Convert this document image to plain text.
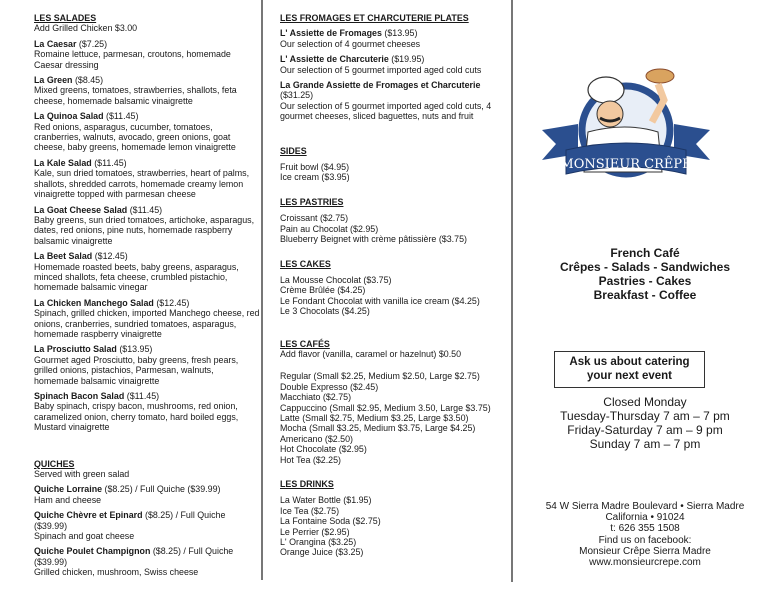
LES SALADES
Add Grilled Chicken $3.00
La Caesar ($7.25)
Romaine lettuce, parmesan, croutons, homemade Caesar dressing
La Green ($8.45)
Mixed greens, tomatoes, strawberries, shallots, feta cheese, homemade balsamic vinaigrette
La Quinoa Salad ($11.45)
Red onions, asparagus, cucumber, tomatoes, cranberries, walnuts, avocado, green onions, goat cheese, baby greens, homemade lemon vinaigrette
La Kale Salad ($11.45)
Kale, sun dried tomatoes, strawberries, heart of palms, shallots, shredded carrots, homemade creamy lemon vinaigrette topped with parmesan cheese
La Goat Cheese Salad ($11.45)
Baby greens, sun dried tomatoes, artichoke, asparagus, dates, red onions, pine nuts, homemade raspberry balsamic vinaigrette
La Beet Salad ($12.45)
Homemade roasted beets, baby greens, asparagus, minced shallots, feta cheese, crumbled pistachio, homemade balsamic vinegar
La Chicken Manchego Salad ($12.45)
Spinach, grilled chicken, imported Manchego cheese, red onions, cranberries, sundried tomatoes, asparagus, homemade raspberry vinaigrette
La Prosciutto Salad ($13.95)
Gourmet aged Prosciutto, baby greens, fresh pears, grilled onions, pistachios, Parmesan, walnuts, homemade balsamic vinaigrette
Spinach Bacon Salad ($11.45)
Baby spinach, crispy bacon, mushrooms, red onion, caramelized onion, cherry tomato, hard boiled eggs, Mustard vinaigrette
QUICHES
Served with green salad
Quiche Lorraine ($8.25) / Full Quiche ($39.99)
Ham and cheese
Quiche Chèvre et Epinard ($8.25) / Full Quiche ($39.99)
Spinach and goat cheese
Quiche Poulet Champignon ($8.25) / Full Quiche ($39.99)
Grilled chicken, mushroom, Swiss cheese
LES FROMAGES ET CHARCUTERIE PLATES
L' Assiette de Fromages ($13.95)
Our selection of 4 gourmet cheeses
L' Assiette de Charcuterie ($19.95)
Our selection of 5 gourmet imported aged cold cuts
La Grande Assiette de Fromages et Charcuterie ($31.25)
Our selection of 5 gourmet imported aged cold cuts, 4 gourmet cheeses, sliced baguettes, nuts and fruit
SIDES
Fruit bowl ($4.95)
Ice cream ($3.95)
LES PASTRIES
Croissant ($2.75)
Pain au Chocolat ($2.95)
Blueberry Beignet with crème pâtissière ($3.75)
LES CAKES
La Mousse Chocolat ($3.75)
Crème Brûlée ($4.25)
Le Fondant Chocolat with vanilla ice cream ($4.25)
Le 3 Chocolats ($4.25)
LES CAFÉS
Add flavor (vanilla, caramel or hazelnut) $0.50
Regular (Small $2.25, Medium $2.50, Large $2.75)
Double Expresso ($2.45)
Macchiato ($2.75)
Cappuccino (Small $2.95, Medium 3.50, Large $3.75)
Latte (Small $2.75, Medium $3.25, Large $3.50)
Mocha (Small $3.25, Medium $3.75, Large $4.25)
Americano ($2.50)
Hot Chocolate ($2.95)
Hot Tea ($2.25)
LES DRINKS
La Water Bottle ($1.95)
Ice Tea ($2.75)
La Fontaine Soda ($2.75)
Le Perrier ($2.95)
L' Orangina ($3.25)
Orange Juice ($3.25)
MONSIEUR CRÊPE
French Café
Crêpes - Salads - Sandwiches
Pastries - Cakes
Breakfast - Coffee
Ask us about catering
your next event
Closed Monday
Tuesday-Thursday 7 am – 7 pm
Friday-Saturday 7 am – 9 pm
Sunday 7 am – 7 pm
54 W Sierra Madre Boulevard • Sierra Madre
California • 91024
t: 626 355 1508
Find us on facebook:
Monsieur Crêpe Sierra Madre
www.monsieurcrepe.com
